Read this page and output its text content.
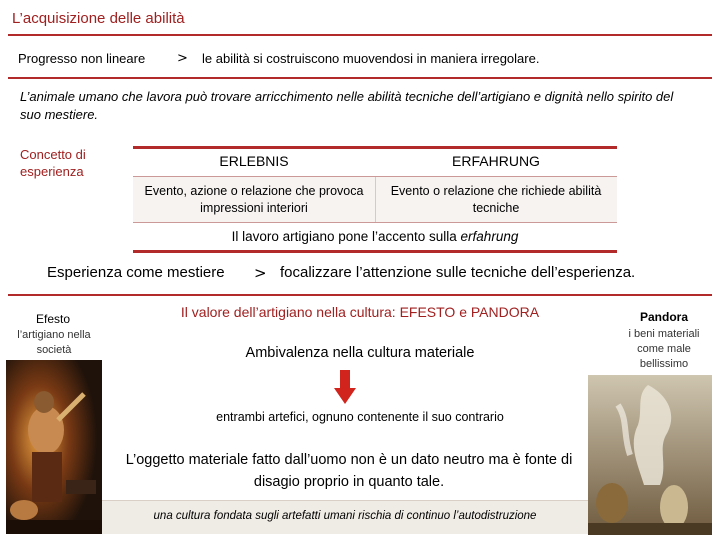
L’acquisizione delle abilità
Progresso non lineare > le abilità si costruiscono muovendosi in maniera irregolare.
L’animale umano che lavora può trovare arricchimento nelle abilità tecniche dell’artigiano e dignità nello spirito del suo mestiere.
Concetto di esperienza
ERLEBNIS	ERFAHRUNG
Evento, azione o relazione che provoca impressioni interiori
Evento o relazione che richiede abilità tecniche
Il lavoro artigiano pone l’accento sulla erfahrung
Esperienza come mestiere > focalizzare l’attenzione sulle tecniche dell’esperienza.
Efesto
l’artigiano nella società
Pandora
i beni materiali come male bellissimo
Il valore dell’artigiano nella cultura: EFESTO e PANDORA
Ambivalenza nella cultura materiale
entrambi artefici, ognuno contenente il suo contrario
L’oggetto materiale fatto dall’uomo non è un dato neutro ma è fonte di disagio proprio in quanto tale.
una cultura fondata sugli artefatti umani rischia di continuo l’autodistruzione
